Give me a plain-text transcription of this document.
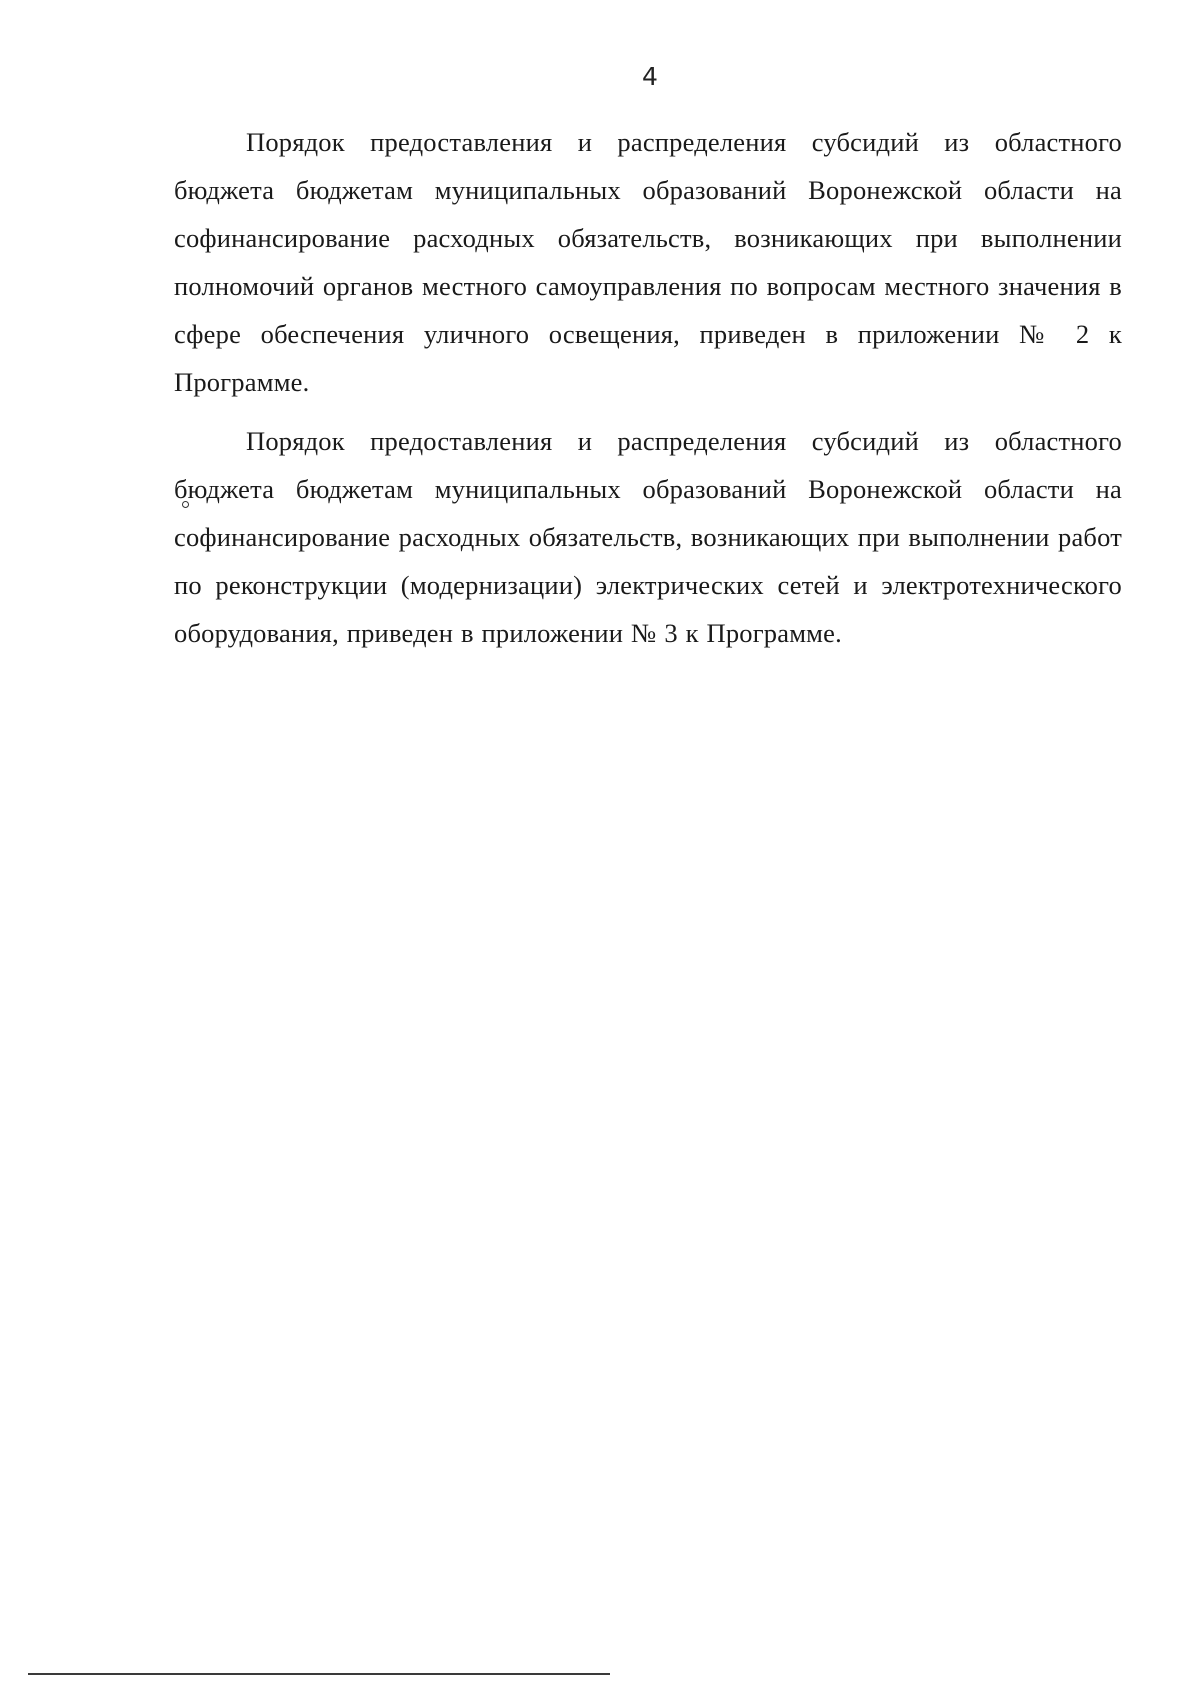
4

Порядок предоставления и распределения субсидий из областного бюджета бюджетам муниципальных образований Воронежской области на софинансирование расходных обязательств, возникающих при выполнении полномочий органов местного самоуправления по вопросам местного значения в сфере обеспечения уличного освещения, приведен в приложении № 2 к Программе.

Порядок предоставления и распределения субсидий из областного бюджета бюджетам муниципальных образований Воронежской области на софинансирование расходных обязательств, возникающих при выполнении работ по реконструкции (модернизации) электрических сетей и электротехнического оборудования, приведен в приложении № 3 к Программе.
